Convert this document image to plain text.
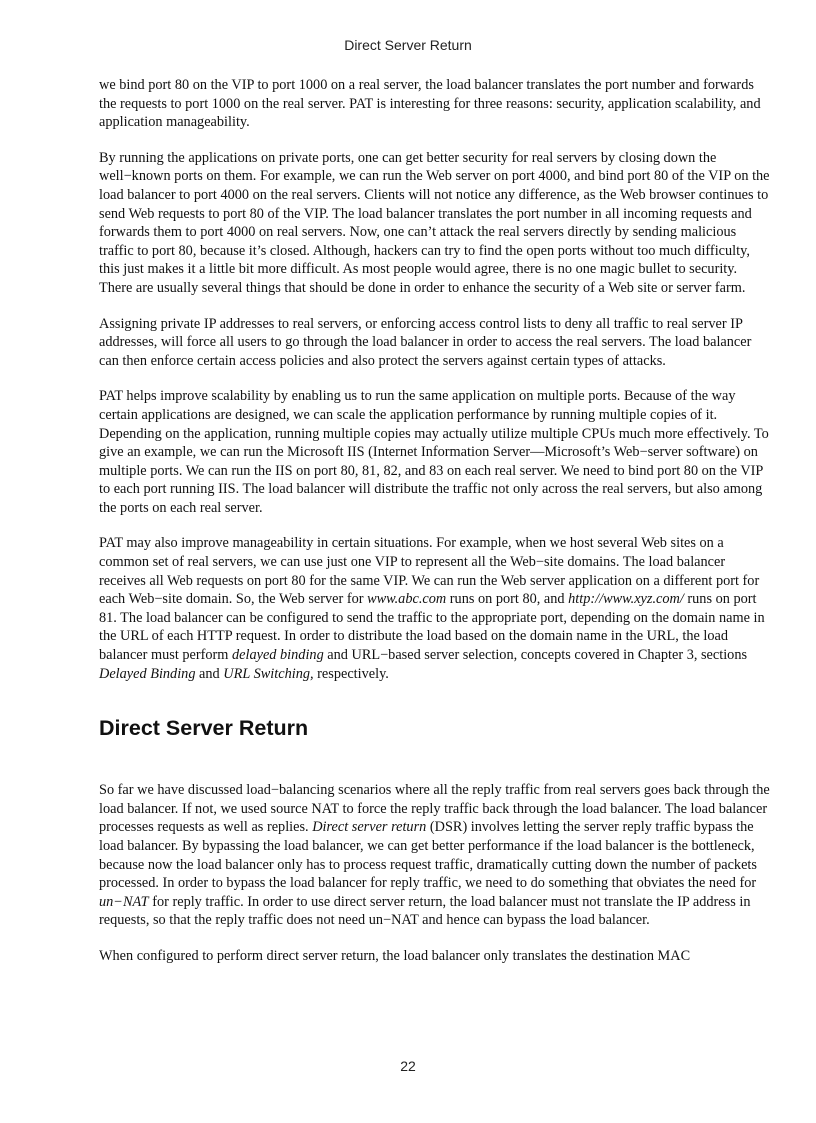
Direct Server Return

we bind port 80 on the VIP to port 1000 on a real server, the load balancer translates the port number and forwards the requests to port 1000 on the real server. PAT is interesting for three reasons: security, application scalability, and application manageability.

By running the applications on private ports, one can get better security for real servers by closing down the well−known ports on them. For example, we can run the Web server on port 4000, and bind port 80 of the VIP on the load balancer to port 4000 on the real servers. Clients will not notice any difference, as the Web browser continues to send Web requests to port 80 of the VIP. The load balancer translates the port number in all incoming requests and forwards them to port 4000 on real servers. Now, one can’t attack the real servers directly by sending malicious traffic to port 80, because it’s closed. Although, hackers can try to find the open ports without too much difficulty, this just makes it a little bit more difficult. As most people would agree, there is no one magic bullet to security. There are usually several things that should be done in order to enhance the security of a Web site or server farm.

Assigning private IP addresses to real servers, or enforcing access control lists to deny all traffic to real server IP addresses, will force all users to go through the load balancer in order to access the real servers. The load balancer can then enforce certain access policies and also protect the servers against certain types of attacks.

PAT helps improve scalability by enabling us to run the same application on multiple ports. Because of the way certain applications are designed, we can scale the application performance by running multiple copies of it. Depending on the application, running multiple copies may actually utilize multiple CPUs much more effectively. To give an example, we can run the Microsoft IIS (Internet Information Server—Microsoft’s Web−server software) on multiple ports. We can run the IIS on port 80, 81, 82, and 83 on each real server. We need to bind port 80 on the VIP to each port running IIS. The load balancer will distribute the traffic not only across the real servers, but also among the ports on each real server.

PAT may also improve manageability in certain situations. For example, when we host several Web sites on a common set of real servers, we can use just one VIP to represent all the Web−site domains. The load balancer receives all Web requests on port 80 for the same VIP. We can run the Web server application on a different port for each Web−site domain. So, the Web server for www.abc.com runs on port 80, and http://www.xyz.com/ runs on port 81. The load balancer can be configured to send the traffic to the appropriate port, depending on the domain name in the URL of each HTTP request. In order to distribute the load based on the domain name in the URL, the load balancer must perform delayed binding and URL−based server selection, concepts covered in Chapter 3, sections Delayed Binding and URL Switching, respectively.

Direct Server Return

So far we have discussed load−balancing scenarios where all the reply traffic from real servers goes back through the load balancer. If not, we used source NAT to force the reply traffic back through the load balancer. The load balancer processes requests as well as replies. Direct server return (DSR) involves letting the server reply traffic bypass the load balancer. By bypassing the load balancer, we can get better performance if the load balancer is the bottleneck, because now the load balancer only has to process request traffic, dramatically cutting down the number of packets processed. In order to bypass the load balancer for reply traffic, we need to do something that obviates the need for un−NAT for reply traffic. In order to use direct server return, the load balancer must not translate the IP address in requests, so that the reply traffic does not need un−NAT and hence can bypass the load balancer.

When configured to perform direct server return, the load balancer only translates the destination MAC

22
